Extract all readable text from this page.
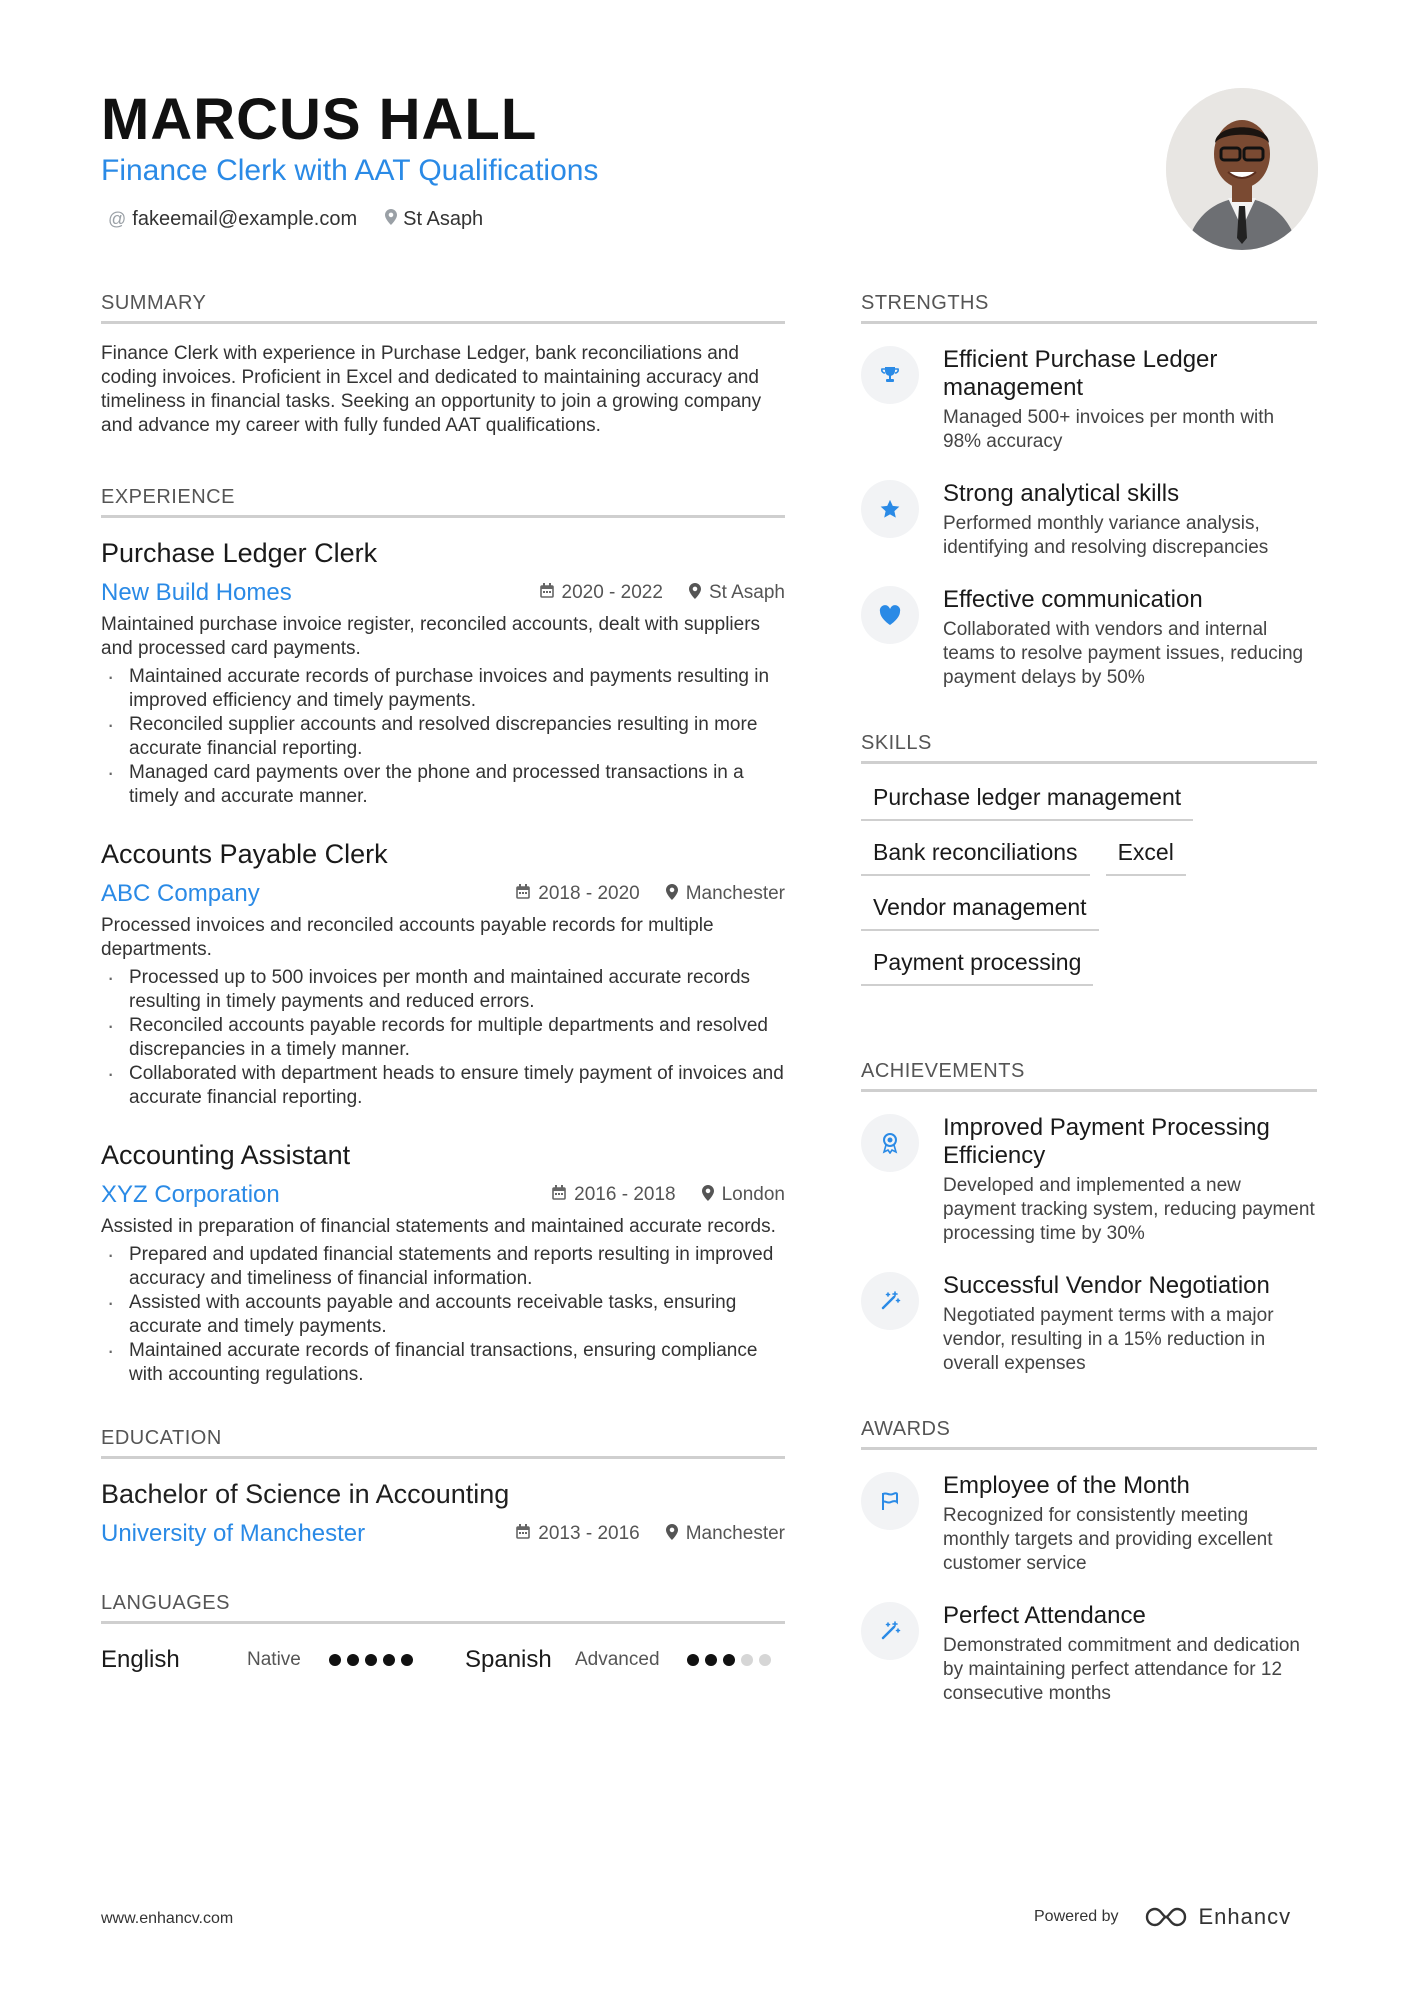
MARCUS HALL
Finance Clerk with AAT Qualifications
@ fakeemail@example.com St Asaph
SUMMARY
Finance Clerk with experience in Purchase Ledger, bank reconciliations and coding invoices. Proficient in Excel and dedicated to maintaining accuracy and timeliness in financial tasks. Seeking an opportunity to join a growing company and advance my career with fully funded AAT qualifications.
EXPERIENCE
Purchase Ledger Clerk
New Build Homes	2020 - 2022 St Asaph
Maintained purchase invoice register, reconciled accounts, dealt with suppliers and processed card payments.
· Maintained accurate records of purchase invoices and payments resulting in improved efficiency and timely payments.
· Reconciled supplier accounts and resolved discrepancies resulting in more accurate financial reporting.
· Managed card payments over the phone and processed transactions in a timely and accurate manner.
Accounts Payable Clerk
ABC Company	2018 - 2020 Manchester
Processed invoices and reconciled accounts payable records for multiple departments.
· Processed up to 500 invoices per month and maintained accurate records resulting in timely payments and reduced errors.
· Reconciled accounts payable records for multiple departments and resolved discrepancies in a timely manner.
· Collaborated with department heads to ensure timely payment of invoices and accurate financial reporting.
Accounting Assistant
XYZ Corporation	2016 - 2018 London
Assisted in preparation of financial statements and maintained accurate records.
· Prepared and updated financial statements and reports resulting in improved accuracy and timeliness of financial information.
· Assisted with accounts payable and accounts receivable tasks, ensuring accurate and timely payments.
· Maintained accurate records of financial transactions, ensuring compliance with accounting regulations.
EDUCATION
Bachelor of Science in Accounting
University of Manchester	2013 - 2016 Manchester
LANGUAGES
English	Native	Spanish	Advanced
STRENGTHS
Efficient Purchase Ledger management
Managed 500+ invoices per month with 98% accuracy
Strong analytical skills
Performed monthly variance analysis, identifying and resolving discrepancies
Effective communication
Collaborated with vendors and internal teams to resolve payment issues, reducing payment delays by 50%
SKILLS
Purchase ledger management
Bank reconciliations	Excel
Vendor management
Payment processing
ACHIEVEMENTS
Improved Payment Processing Efficiency
Developed and implemented a new payment tracking system, reducing payment processing time by 30%
Successful Vendor Negotiation
Negotiated payment terms with a major vendor, resulting in a 15% reduction in overall expenses
AWARDS
Employee of the Month
Recognized for consistently meeting monthly targets and providing excellent customer service
Perfect Attendance
Demonstrated commitment and dedication by maintaining perfect attendance for 12 consecutive months
www.enhancv.com	Powered by	Enhancv
